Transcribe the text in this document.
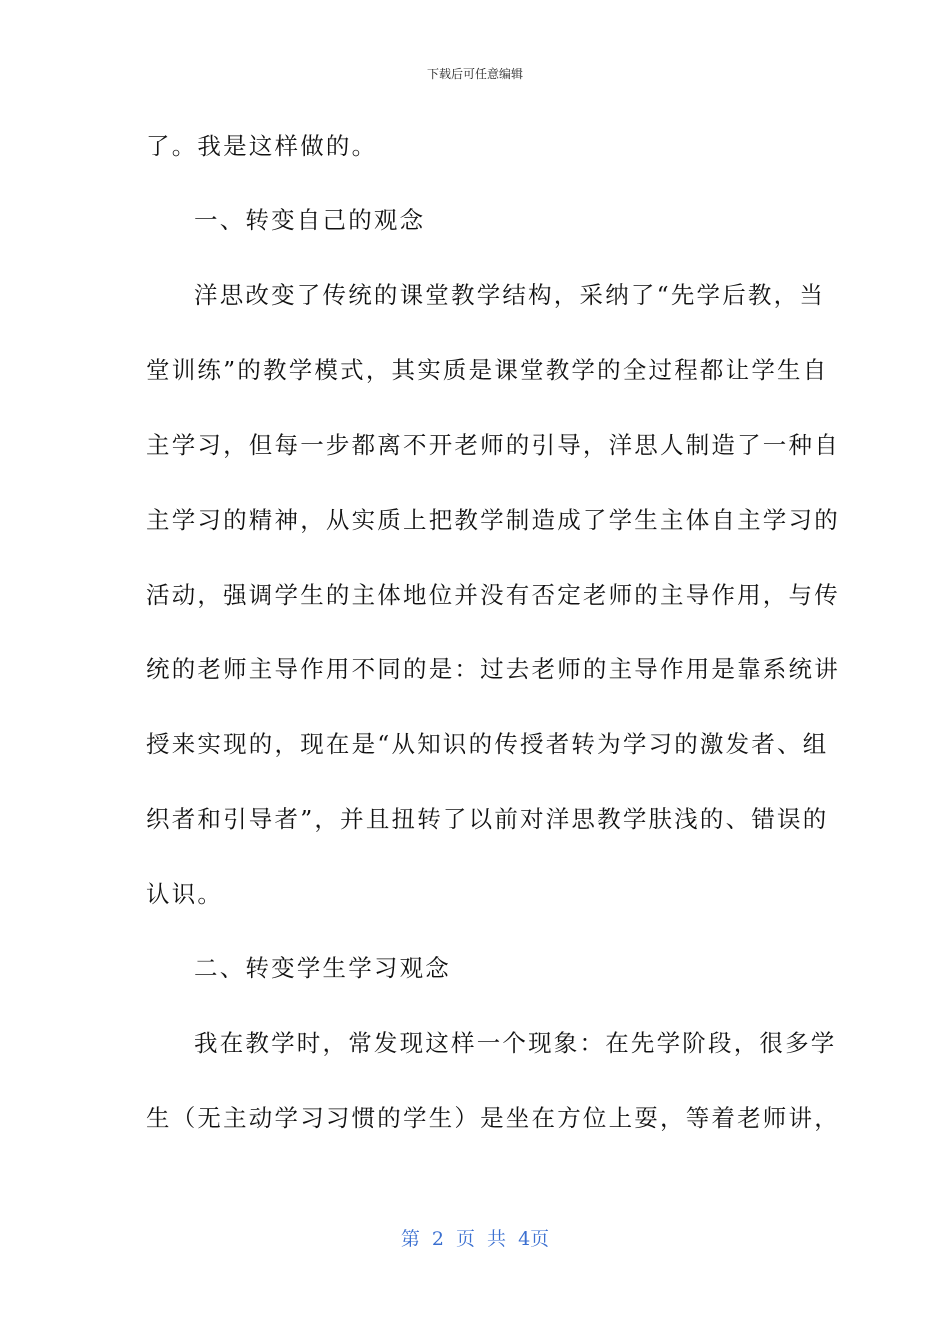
下载后可任意编辑
了。我是这样做的。
一、转变自己的观念
洋思改变了传统的课堂教学结构，采纳了“先学后教，当
堂训练”的教学模式，其实质是课堂教学的全过程都让学生自
主学习，但每一步都离不开老师的引导，洋思人制造了一种自
主学习的精神，从实质上把教学制造成了学生主体自主学习的
活动，强调学生的主体地位并没有否定老师的主导作用，与传
统的老师主导作用不同的是：过去老师的主导作用是靠系统讲
授来实现的，现在是“从知识的传授者转为学习的激发者、组
织者和引导者”，并且扭转了以前对洋思教学肤浅的、错误的
认识。
二、转变学生学习观念
我在教学时，常发现这样一个现象：在先学阶段，很多学
生（无主动学习习惯的学生）是坐在方位上耍，等着老师讲，
第 2 页 共 4页
